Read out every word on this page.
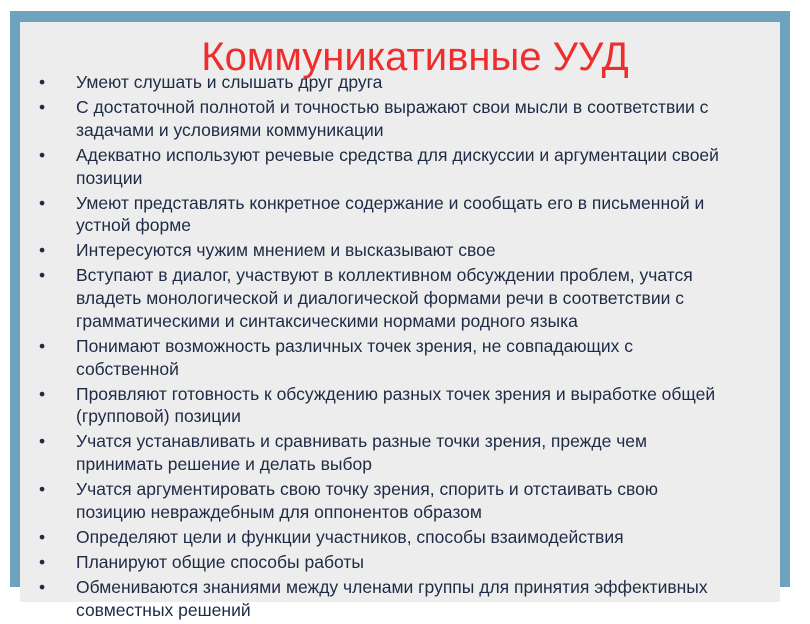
Коммуникативные УУД
•	Умеют слушать и слышать друг друга
•	С достаточной полнотой и точностью выражают свои мысли в соответствии с
задачами и условиями коммуникации
•	Адекватно используют речевые средства для дискуссии и аргументации своей
позиции
•	Умеют представлять конкретное содержание и сообщать его в письменной и
устной форме
•	Интересуются чужим мнением и высказывают свое
•	Вступают в диалог, участвуют в коллективном обсуждении проблем, учатся
владеть монологической и диалогической формами речи в соответствии с
грамматическими и синтаксическими нормами родного языка
•	Понимают возможность различных точек зрения, не совпадающих с
собственной
•	Проявляют готовность к обсуждению разных точек зрения и выработке общей
(групповой) позиции
•	Учатся устанавливать и сравнивать разные точки зрения, прежде чем
принимать решение и делать выбор
•	Учатся аргументировать свою точку зрения, спорить и отстаивать свою
позицию невраждебным для оппонентов образом
•	Определяют цели и функции участников, способы взаимодействия
•	Планируют общие способы работы
•	Обмениваются знаниями между членами группы для принятия эффективных
совместных решений
